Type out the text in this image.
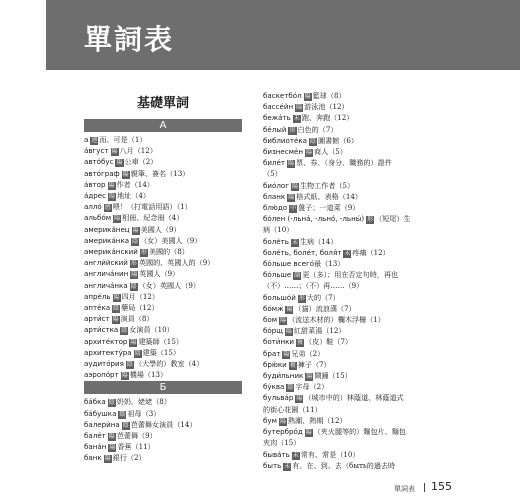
單詞表
基礎單詞
А

а 連 而、可是（1）

а́вгуст 陽 八月（12）

авто́бус 陽 公車（2）

авто́граф 陽 親筆、簽名（13）

а́втор 陽 作者（14）

а́дрес 陽 地址（4）

алло́ 感 喂！（打電話用語）（1）

альбо́м 陽 相冊、紀念冊（4）

америка́нец 陽 美國人（9）

америка́нка 陰 （女）美國人（9）

америка́нский 形 美國的（8）

англи́йский 形 英國的、英國人的（9）

англича́нин 陽 英國人（9）

англича́нка 陰 （女）英國人（9）

апре́ль 陽 四月（12）

апте́ка 陰 藥局（12）

арти́ст 陽 演員（8）

арти́стка 陰 女演員（10）

архите́ктор 陽 建築師（15）

архитекту́ра 陰 建築（15）

аудито́рия 陰 （大學的）教室（4）

аэропо́рт 陽 機場（13）

Б

ба́бка 陰 奶奶、姥姥（8）

ба́бушка 陰 祖母（3）

балери́на 陰 芭蕾舞女演員（14）

бале́т 陽 芭蕾舞（9）

бана́н 陽 香蕉（11）

банк 陽 銀行（2）

баскетбо́л 陽 籃球（8）

бассе́йн 陽 游泳池（12）

бежа́ть 未 跑、奔跑（12）

бе́лый 形 白色的（7）

библиоте́ка 陰 圖書館（6）

бизнесме́н 陽 商人（5）

биле́т 陽 票、券、（身分、職務的）證件

（5）

био́лог 陽 生物工作者（5）

бланк 陽 格式紙、表格（14）

блю́до 中 盤子；一道菜（9）

бо́лен (-льна́, -льно́, -льны́) 形 （短尾）生

病（10）

боле́ть 未 生病（14）

боле́ть, боле́т, боля́т 未 疼痛（12）

бо́льше всего́最（13）

бо́льше 副 更（多）；用在否定句時，再也

（不）……；（不）再……（9）

большо́й 形 大的（7）

бо́мж 陽 （貓）流浪漢（7）

бом 陽 （流送木材的）欄木浮柵（1）

бо́рщ 陽 紅甜菜湯（12）

боти́нки 複 （皮）鞋（7）

брат 陽 兄弟（2）

брю́ки 複 褲子（7）

буди́льник 陽 鬧鐘（15）

бу́ква 陰 字母（2）

бульва́р 陽 （城市中的）林蔭道、林蔭道式

的街心花園（11）

бум 陽 熱潮、熱期（12）

бутербро́д 陽 （夾火腿等的）麵包片、麵包

夾肉（15）

быва́ть 未 常有、常是（10）

быть 未 有、在、到、去（быть的過去時

單詞表 155
